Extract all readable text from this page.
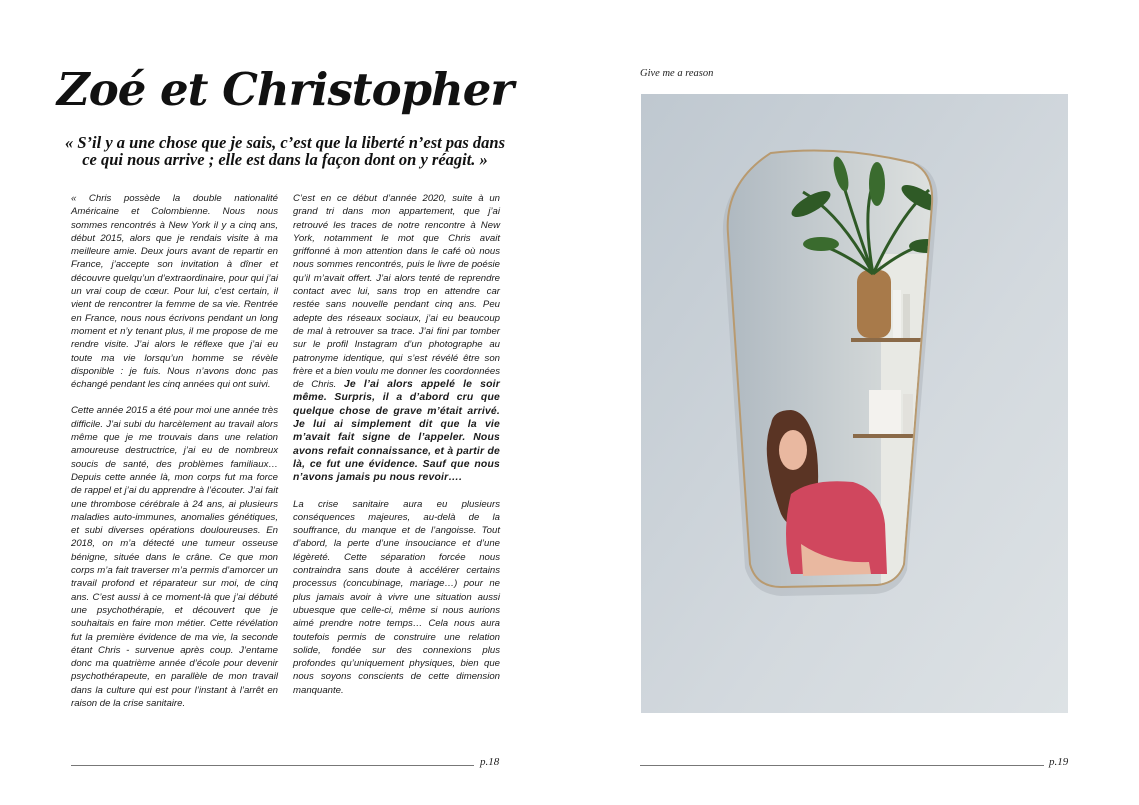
Zoé et Christopher

« S’il y a une chose que je sais, c’est que la liberté n’est pas dans ce qui nous arrive ; elle est dans la façon dont on y réagit. »

« Chris possède la double nationalité Américaine et Colombienne. Nous nous sommes rencontrés à New York il y a cinq ans, début 2015, alors que je rendais visite à ma meilleure amie. Deux jours avant de repartir en France, j’accepte son invitation à dîner et découvre quelqu’un d’extraordinaire, pour qui j’ai un vrai coup de cœur. Pour lui, c’est certain, il vient de rencontrer la femme de sa vie. Rentrée en France, nous nous écrivons pendant un long moment et n’y tenant plus, il me propose de me rendre visite. J’ai alors le réflexe que j’ai eu toute ma vie lorsqu’un homme se révèle disponible : je fuis. Nous n’avons donc pas échangé pendant les cinq années qui ont suivi.

Cette année 2015 a été pour moi une année très difficile. J’ai subi du harcèlement au travail alors même que je me trouvais dans une relation amoureuse destructrice, j’ai eu de nombreux soucis de santé, des problèmes familiaux… Depuis cette année là, mon corps fut ma force de rappel et j’ai du apprendre à l’écouter. J’ai fait une thrombose cérébrale à 24 ans, ai plusieurs maladies auto-immunes, anomalies génétiques, et subi diverses opérations douloureuses. En 2018, on m’a détecté une tumeur osseuse bénigne, située dans le crâne. Ce que mon corps m’a fait traverser m’a permis d’amorcer un travail profond et réparateur sur moi, de cinq ans. C’est aussi à ce moment-là que j’ai débuté une psychothérapie, et découvert que je souhaitais en faire mon métier. Cette révélation fut la première évidence de ma vie, la seconde étant Chris - survenue après coup. J’entame donc ma quatrième année d’école pour devenir psychothérapeute, en parallèle de mon travail dans la culture qui est pour l’instant à l’arrêt en raison de la crise sanitaire.

C’est en ce début d’année 2020, suite à un grand tri dans mon appartement, que j’ai retrouvé les traces de notre rencontre à New York, notamment le mot que Chris avait griffonné à mon attention dans le café où nous nous sommes rencontrés, puis le livre de poésie qu’il m’avait offert. J’ai alors tenté de reprendre contact avec lui, sans trop en attendre car restée sans nouvelle pendant cinq ans. Peu adepte des réseaux sociaux, j’ai eu beaucoup de mal à retrouver sa trace. J’ai fini par tomber sur le profil Instagram d’un photographe au patronyme identique, qui s’est révélé être son frère et a bien voulu me donner les coordonnées de Chris. Je l’ai alors appelé le soir même. Surpris, il a d’abord cru que quelque chose de grave m’était arrivé. Je lui ai simplement dit que la vie m’avait fait signe de l’appeler. Nous avons refait connaissance, et à partir de là, ce fut une évidence. Sauf que nous n’avons jamais pu nous revoir….

La crise sanitaire aura eu plusieurs conséquences majeures, au-delà de la souffrance, du manque et de l’angoisse. Tout d’abord, la perte d’une insouciance et d’une légèreté. Cette séparation forcée nous contraindra sans doute à accélérer certains processus (concubinage, mariage…) pour ne plus jamais avoir à vivre une situation aussi ubuesque que celle-ci, même si nous aurions aimé prendre notre temps… Cela nous aura toutefois permis de construire une relation solide, fondée sur des connexions plus profondes qu’uniquement physiques, bien que nous soyons conscients de cette dimension manquante.

p.18
Give me a reason
p.19
